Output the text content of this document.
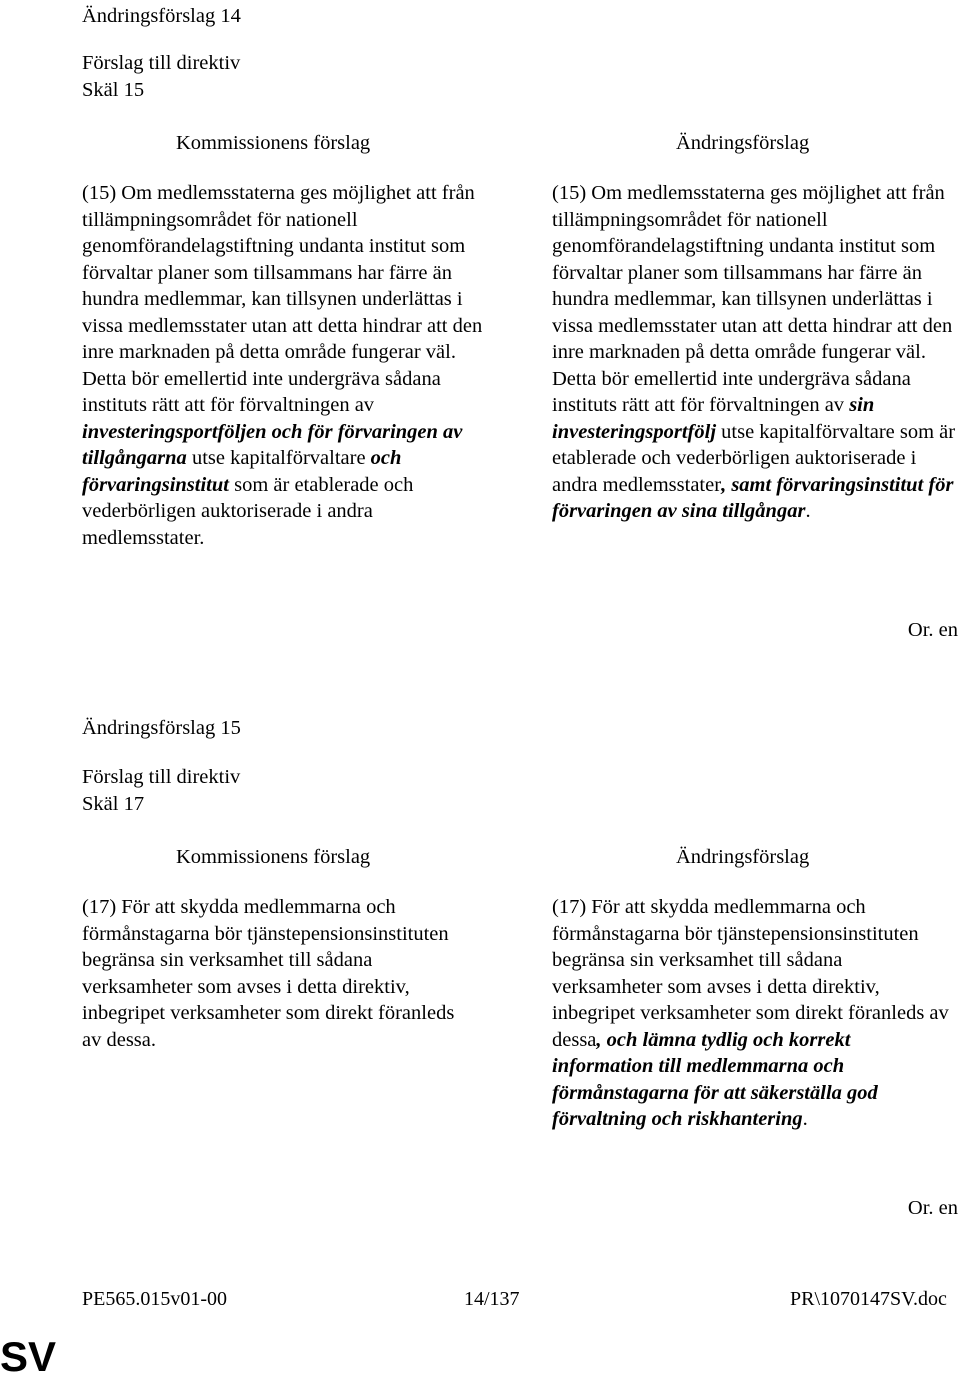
Ändringsförslag 14
Förslag till direktiv
Skäl 15
Kommissionens förslag	Ändringsförslag

(15) Om medlemsstaterna ges möjlighet att från tillämpningsområdet för nationell genomförandelagstiftning undanta institut som förvaltar planer som tillsammans har färre än hundra medlemmar, kan tillsynen underlättas i vissa medlemsstater utan att detta hindrar att den inre marknaden på detta område fungerar väl. Detta bör emellertid inte undergräva sådana instituts rätt att för förvaltningen av investeringsportföljen och för förvaringen av tillgångarna utse kapitalförvaltare och förvaringsinstitut som är etablerade och vederbörligen auktoriserade i andra medlemsstater.

(15) Om medlemsstaterna ges möjlighet att från tillämpningsområdet för nationell genomförandelagstiftning undanta institut som förvaltar planer som tillsammans har färre än hundra medlemmar, kan tillsynen underlättas i vissa medlemsstater utan att detta hindrar att den inre marknaden på detta område fungerar väl. Detta bör emellertid inte undergräva sådana instituts rätt att för förvaltningen av sin investeringsportfölj utse kapitalförvaltare som är etablerade och vederbörligen auktoriserade i andra medlemsstater, samt förvaringsinstitut för förvaringen av sina tillgångar.

Or. en
Ändringsförslag 15
Förslag till direktiv
Skäl 17
Kommissionens förslag	Ändringsförslag

(17) För att skydda medlemmarna och förmånstagarna bör tjänstepensionsinstituten begränsa sin verksamhet till sådana verksamheter som avses i detta direktiv, inbegripet verksamheter som direkt föranleds av dessa.

(17) För att skydda medlemmarna och förmånstagarna bör tjänstepensionsinstituten begränsa sin verksamhet till sådana verksamheter som avses i detta direktiv, inbegripet verksamheter som direkt föranleds av dessa, och lämna tydlig och korrekt information till medlemmarna och förmånstagarna för att säkerställa god förvaltning och riskhantering.

Or. en
PE565.015v01-00	14/137	PR\1070147SV.doc
SV
